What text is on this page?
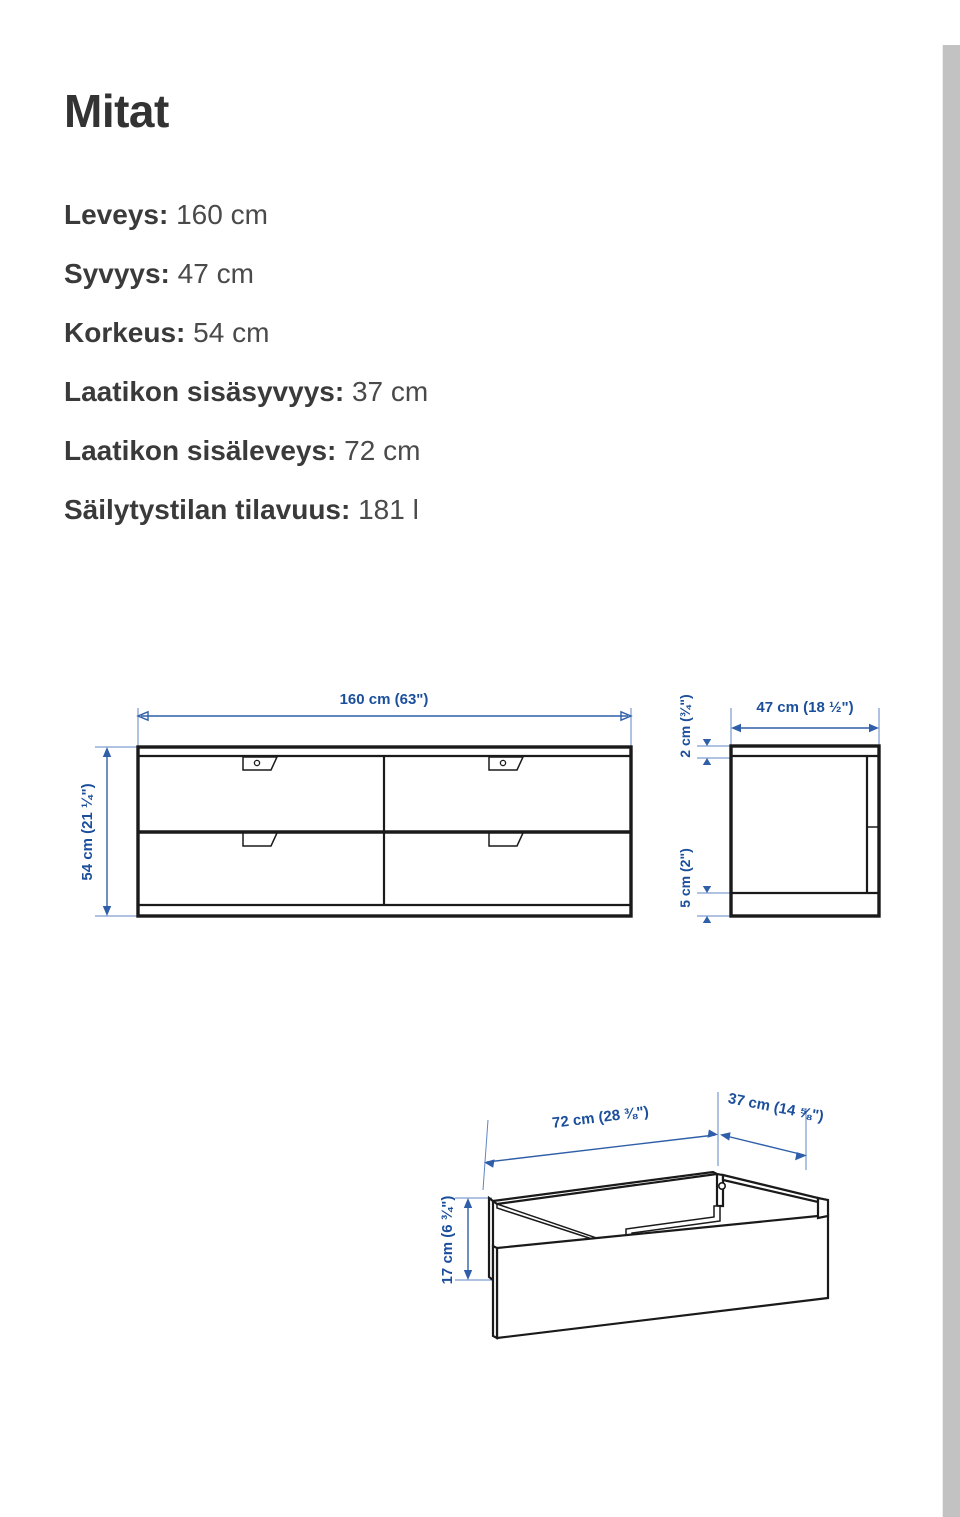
Mitat
Leveys: 160 cm
Syvyys: 47 cm
Korkeus: 54 cm
Laatikon sisäsyvyys: 37 cm
Laatikon sisäleveys: 72 cm
Säilytystilan tilavuus: 181 l
160 cm (63")
54 cm (21 ¼")
47 cm (18 ½")
2 cm (¾")
5 cm (2")
72 cm (28 ⅜")	37 cm (14 ⅝")
17 cm (6 ¾")
